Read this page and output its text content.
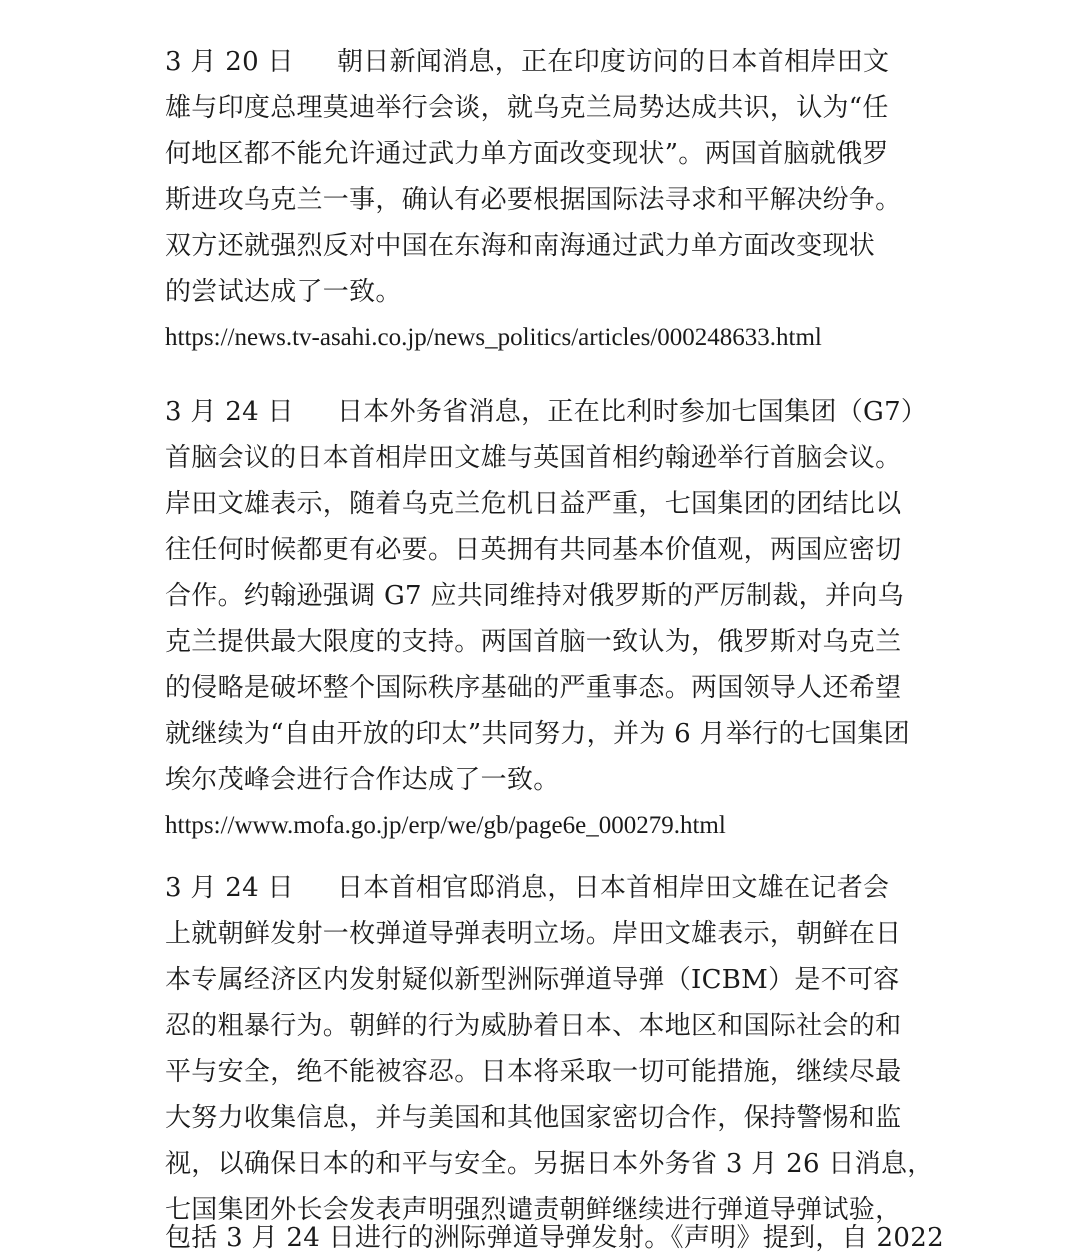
3 月 20 日 朝日新闻消息，正在印度访问的日本首相岸田文
雄与印度总理莫迪举行会谈，就乌克兰局势达成共识，认为“任
何地区都不能允许通过武力单方面改变现状”。两国首脑就俄罗
斯进攻乌克兰一事，确认有必要根据国际法寻求和平解决纷争。
双方还就强烈反对中国在东海和南海通过武力单方面改变现状
的尝试达成了一致。
https://news.tv-asahi.co.jp/news_politics/articles/000248633.html
3 月 24 日 日本外务省消息，正在比利时参加七国集团（G7）
首脑会议的日本首相岸田文雄与英国首相约翰逊举行首脑会议。
岸田文雄表示，随着乌克兰危机日益严重，七国集团的团结比以
往任何时候都更有必要。日英拥有共同基本价值观，两国应密切
合作。约翰逊强调 G7 应共同维持对俄罗斯的严厉制裁，并向乌
克兰提供最大限度的支持。两国首脑一致认为，俄罗斯对乌克兰
的侵略是破坏整个国际秩序基础的严重事态。两国领导人还希望
就继续为“自由开放的印太”共同努力，并为 6 月举行的七国集团
埃尔茂峰会进行合作达成了一致。
https://www.mofa.go.jp/erp/we/gb/page6e_000279.html
3 月 24 日 日本首相官邸消息，日本首相岸田文雄在记者会
上就朝鲜发射一枚弹道导弹表明立场。岸田文雄表示，朝鲜在日
本专属经济区内发射疑似新型洲际弹道导弹（ICBM）是不可容
忍的粗暴行为。朝鲜的行为威胁着日本、本地区和国际社会的和
平与安全，绝不能被容忍。日本将采取一切可能措施，继续尽最
大努力收集信息，并与美国和其他国家密切合作，保持警惕和监
视，以确保日本的和平与安全。另据日本外务省 3 月 26 日消息，
七国集团外长会发表声明强烈谴责朝鲜继续进行弹道导弹试验，
包括 3 月 24 日进行的洲际弹道导弹发射。《声明》提到，自 2022
